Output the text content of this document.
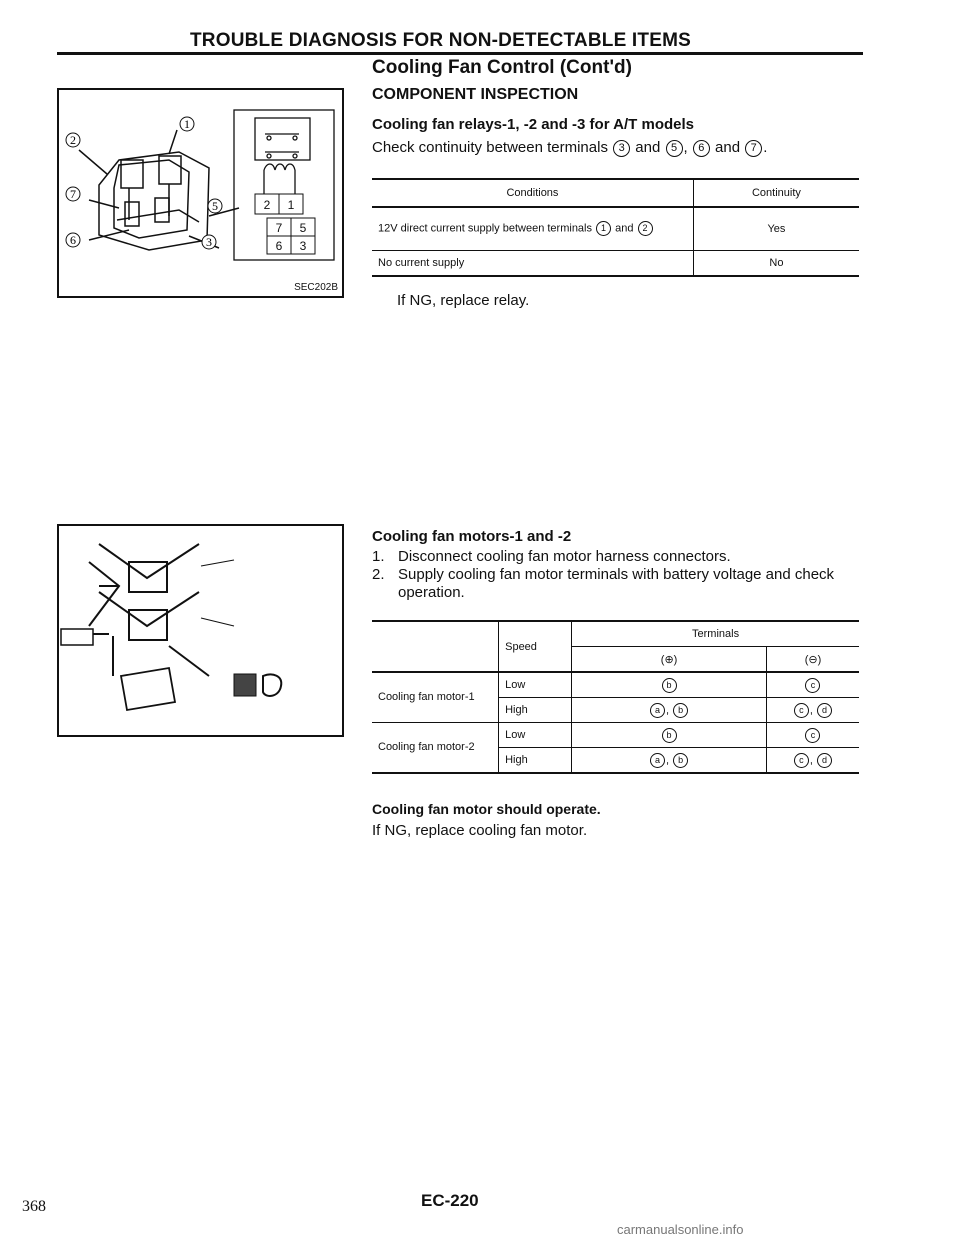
TROUBLE DIAGNOSIS FOR NON-DETECTABLE ITEMS
Cooling Fan Control (Cont'd)
COMPONENT INSPECTION
2
1
7
6
5
3
2 1
7 5
6 3
SEC202B
Cooling fan relays-1, -2 and -3 for A/T models
Check continuity between terminals 3 and 5 , 6 and 7 .
Conditions	Continuity
12V direct current supply between terminals 1 and 2	Yes
No current supply	No
If NG, replace relay.
Cooling fan motors-1 and -2
1. Disconnect cooling fan motor harness connectors.
2. Supply cooling fan motor terminals with battery voltage and check operation.
	Speed	Terminals	
		(⊕)	(⊖)
Cooling fan motor-1	Low	b	c
	High	a , b	c , d
Cooling fan motor-2	Low	b	c
	High	a , b	c , d
Cooling fan motor should operate.
If NG, replace cooling fan motor.
368	EC-220
carmanualsonline.info
